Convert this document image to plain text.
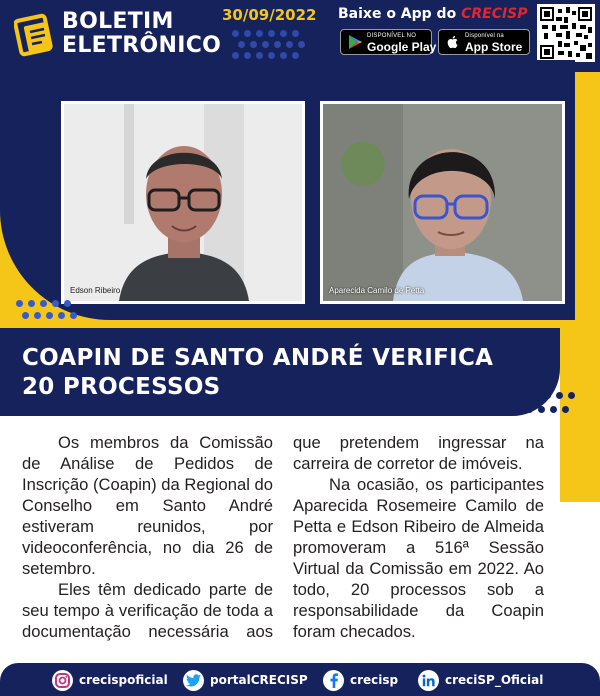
BOLETIM
ELETRÔNICO
30/09/2022 Baixe o App do CRECISP
DISPONÍVEL NO
Google Play
Disponível na
App Store
Edson Ribeiro	Aparecida Camilo de Petta
COAPIN DE SANTO ANDRÉ VERIFICA
20 PROCESSOS

Os membros da Comissão de Análise de Pedidos de Inscrição (Coapin) da Regional do Conselho em Santo André estiveram reunidos, por videoconferência, no dia 26 de setembro.

Eles têm dedicado parte de seu tempo à verificação de toda a documentação necessária aos que pretendem ingressar na carreira de corretor de imóveis.

Na ocasião, os participantes Aparecida Rosemeire Camilo de Petta e Edson Ribeiro de Almeida promoveram a 516ª Sessão Virtual da Comissão em 2022. Ao todo, 20 processos sob a responsabilidade da Coapin foram checados.

crecispoficial	portalCRECISP	crecisp	creciSP_Oficial
